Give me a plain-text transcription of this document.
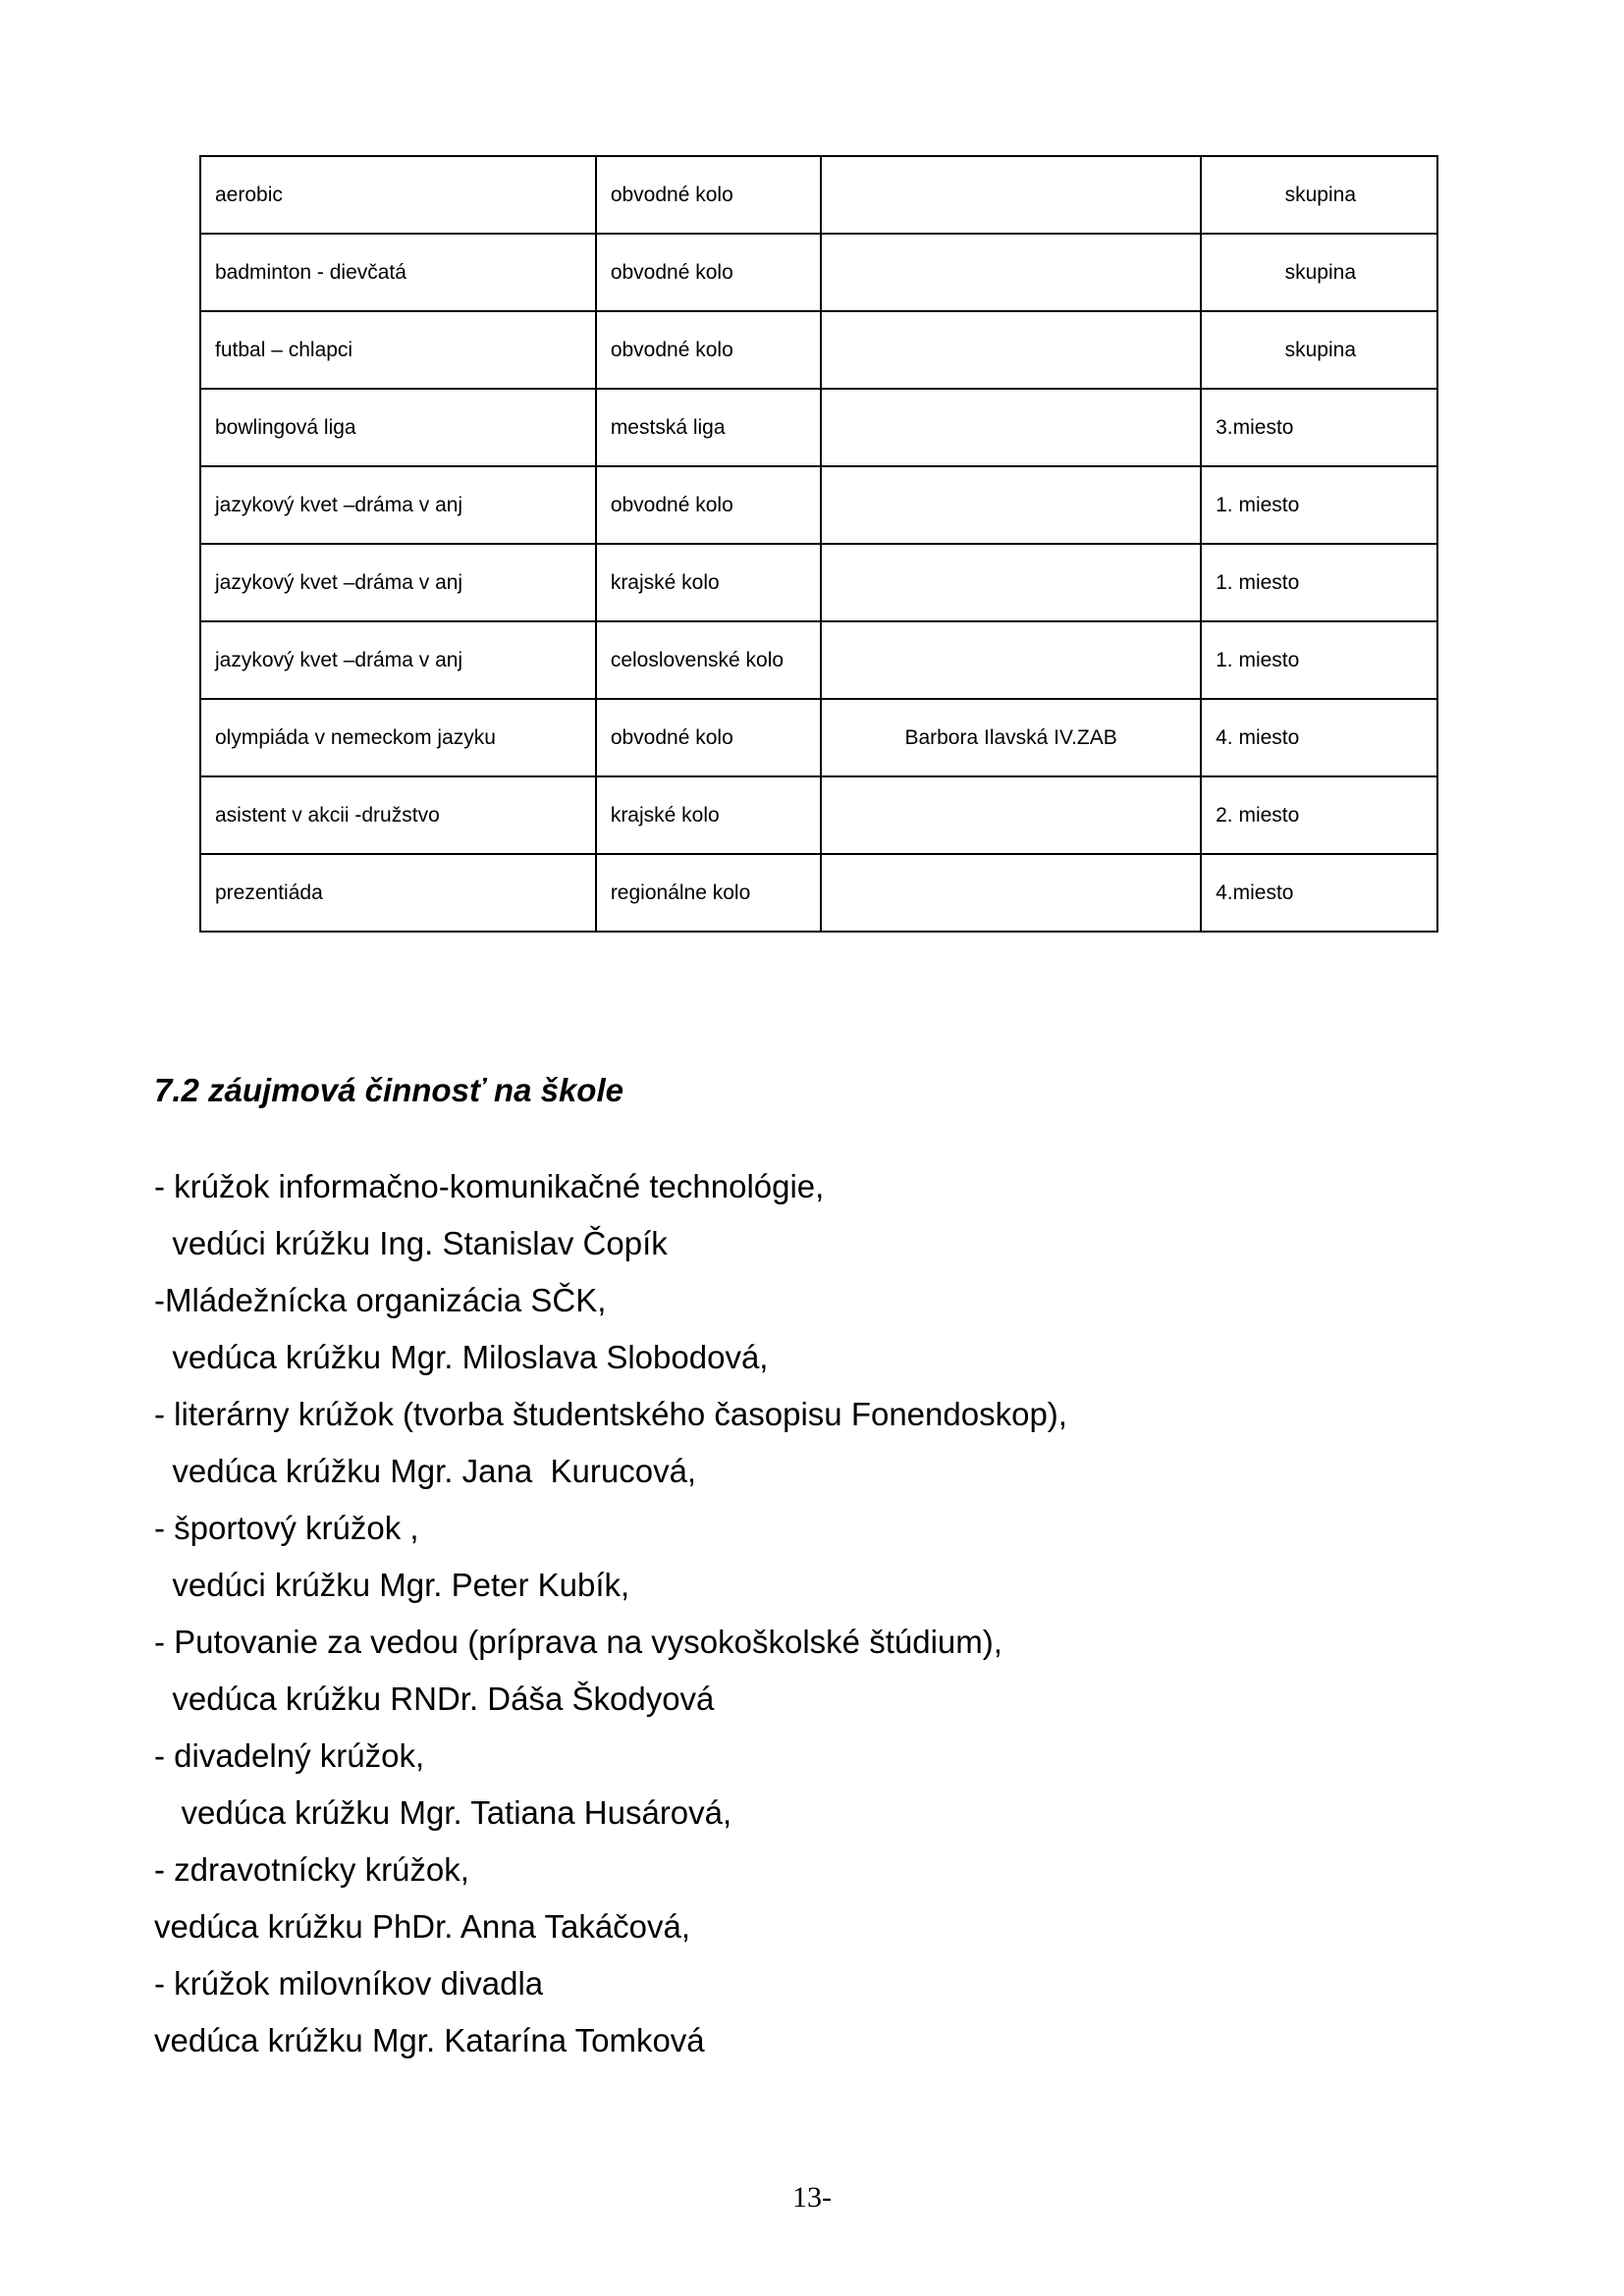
aerobic	obvodné kolo		skupina
badminton - dievčatá	obvodné kolo		skupina
futbal – chlapci	obvodné kolo		skupina
bowlingová liga	mestská liga		3.miesto
jazykový kvet –dráma v anj	obvodné kolo		1. miesto
jazykový kvet –dráma v anj	krajské kolo		1. miesto
jazykový kvet –dráma v anj	celoslovenské kolo		1. miesto
olympiáda v nemeckom jazyku	obvodné kolo	Barbora Ilavská IV.ZAB	4. miesto
asistent v akcii -družstvo	krajské kolo		2. miesto
prezentiáda	regionálne kolo		4.miesto
7.2 záujmová činnosť na škole
- krúžok informačno-komunikačné technológie,
vedúci krúžku Ing. Stanislav Čopík
-Mládežnícka organizácia SČK,
vedúca krúžku Mgr. Miloslava Slobodová,
- literárny krúžok (tvorba študentského časopisu Fonendoskop),
vedúca krúžku Mgr. Jana  Kurucová,
- športový krúžok ,
vedúci krúžku Mgr. Peter Kubík,
- Putovanie za vedou (príprava na vysokoškolské štúdium),
vedúca krúžku RNDr. Dáša Škodyová
- divadelný krúžok,
vedúca krúžku Mgr. Tatiana Husárová,
- zdravotnícky krúžok,
vedúca krúžku PhDr. Anna Takáčová,
- krúžok milovníkov divadla
vedúca krúžku Mgr. Katarína Tomková
13-
